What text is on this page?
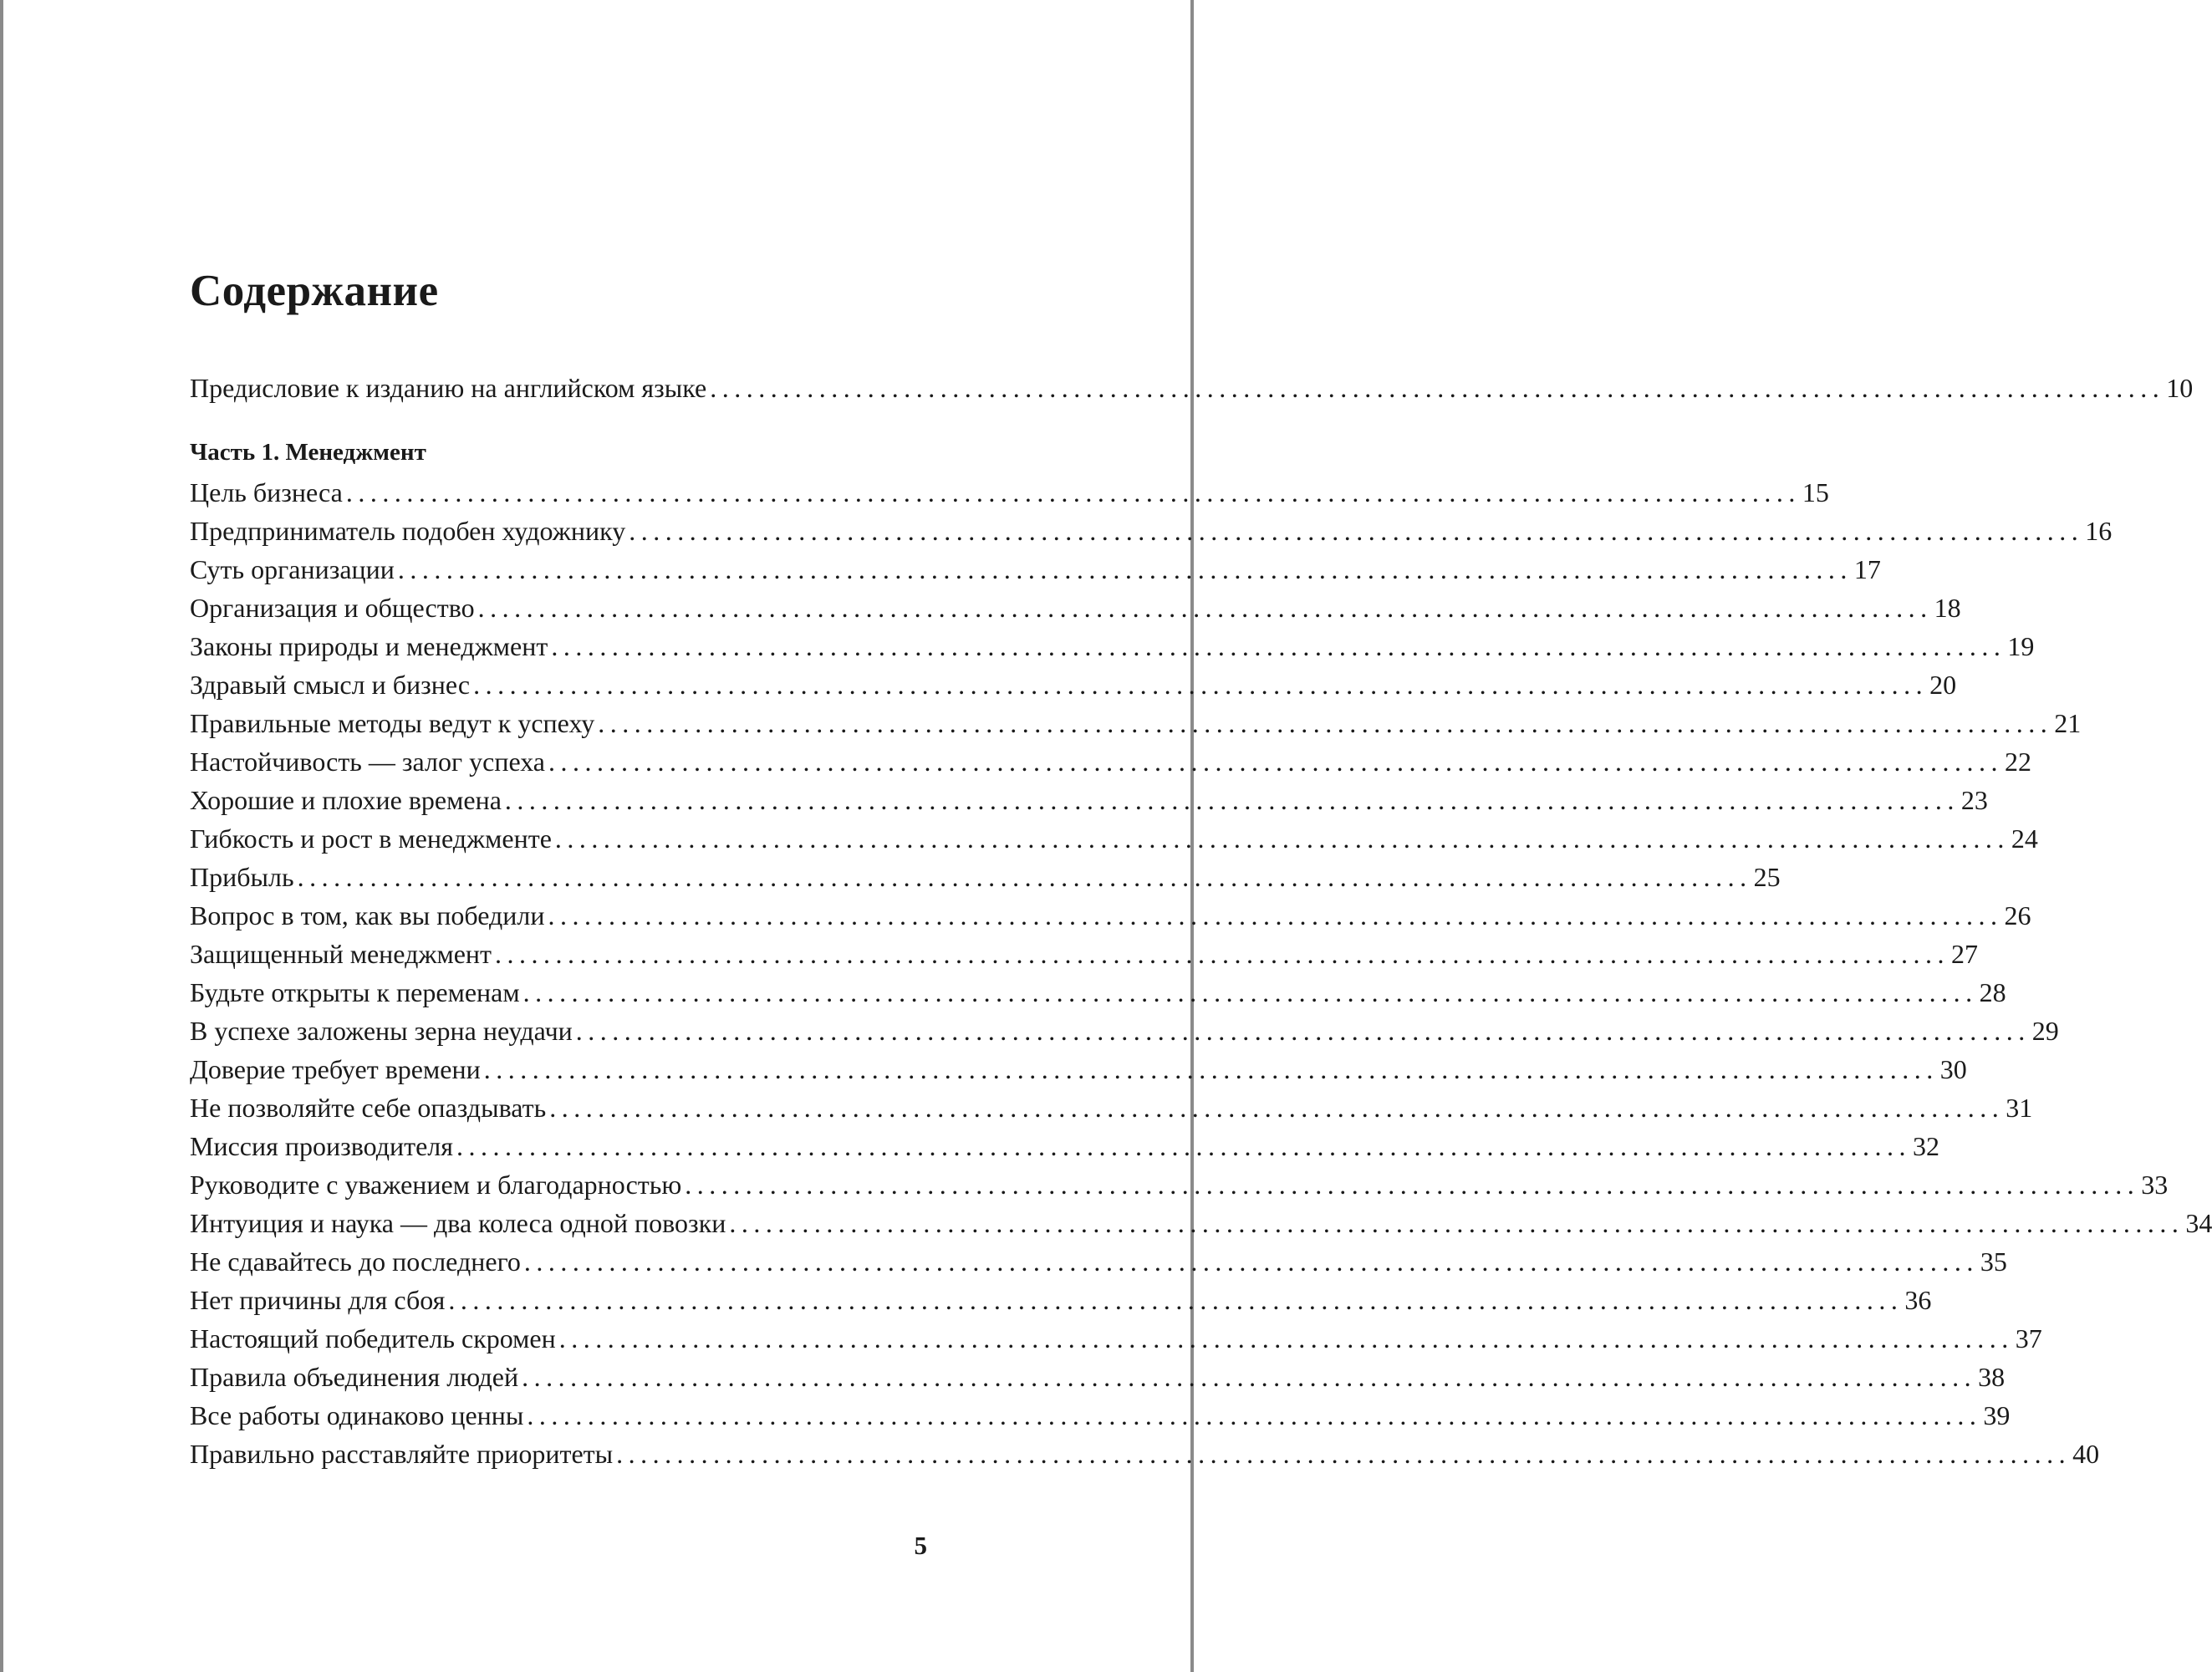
Содержание
Предисловие к изданию на английском языке ........................................................................................................................ 10
Часть 1. Менеджмент
Цель бизнеса ........................................................................................................................ 15
Предприниматель подобен художнику ........................................................................................................................ 16
Суть организации ........................................................................................................................ 17
Организация и общество ........................................................................................................................ 18
Законы природы и менеджмент ........................................................................................................................ 19
Здравый смысл и бизнес ........................................................................................................................ 20
Правильные методы ведут к успеху ........................................................................................................................ 21
Настойчивость — залог успеха ........................................................................................................................ 22
Хорошие и плохие времена ........................................................................................................................ 23
Гибкость и рост в менеджменте ........................................................................................................................ 24
Прибыль ........................................................................................................................ 25
Вопрос в том, как вы победили ........................................................................................................................ 26
Защищенный менеджмент ........................................................................................................................ 27
Будьте открыты к переменам ........................................................................................................................ 28
В успехе заложены зерна неудачи ........................................................................................................................ 29
Доверие требует времени ........................................................................................................................ 30
Не позволяйте себе опаздывать ........................................................................................................................ 31
Миссия производителя ........................................................................................................................ 32
Руководите с уважением и благодарностью ........................................................................................................................ 33
Интуиция и наука — два колеса одной повозки ........................................................................................................................ 34
Не сдавайтесь до последнего ........................................................................................................................ 35
Нет причины для сбоя ........................................................................................................................ 36
Настоящий победитель скромен ........................................................................................................................ 37
Правила объединения людей ........................................................................................................................ 38
Все работы одинаково ценны ........................................................................................................................ 39
Правильно расставляйте приоритеты ........................................................................................................................ 40
5
